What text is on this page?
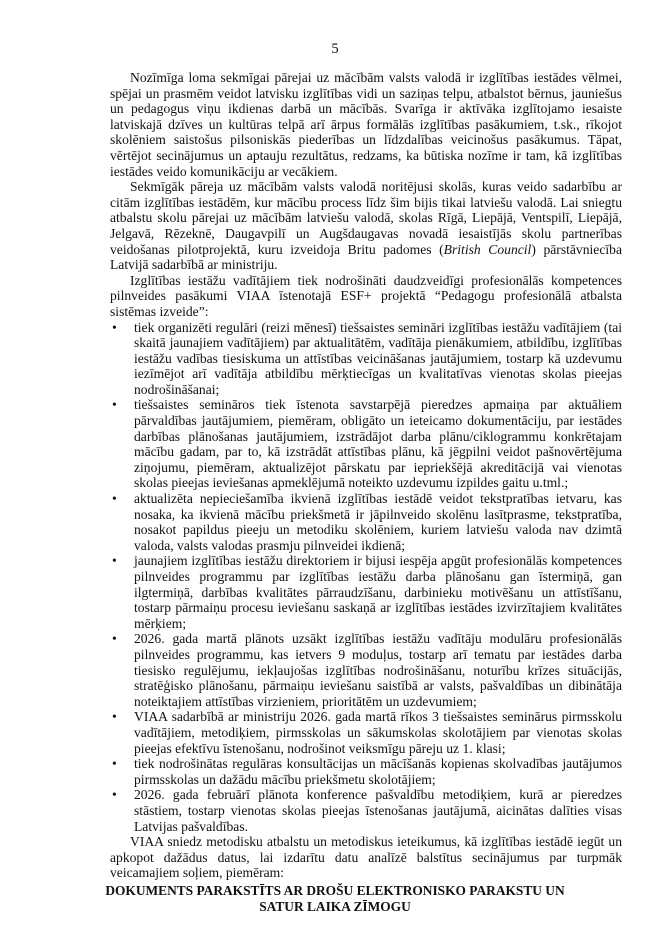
5

Nozīmīga loma sekmīgai pārejai uz mācībām valsts valodā ir izglītības iestādes vēlmei, spējai un prasmēm veidot latvisku izglītības vidi un saziņas telpu, atbalstot bērnus, jauniešus un pedagogus viņu ikdienas darbā un mācībās. Svarīga ir aktīvāka izglītojamo iesaiste latviskajā dzīves un kultūras telpā arī ārpus formālās izglītības pasākumiem, t.sk., rīkojot skolēniem saistošus pilsoniskās piederības un līdzdalības veicinošus pasākumus. Tāpat, vērtējot secinājumus un aptauju rezultātus, redzams, ka būtiska nozīme ir tam, kā izglītības iestādes veido komunikāciju ar vecākiem.

Sekmīgāk pāreja uz mācībām valsts valodā noritējusi skolās, kuras veido sadarbību ar citām izglītības iestādēm, kur mācību process līdz šim bijis tikai latviešu valodā. Lai sniegtu atbalstu skolu pārejai uz mācībām latviešu valodā, skolas Rīgā, Liepājā, Ventspilī, Liepājā, Jelgavā, Rēzeknē, Daugavpilī un Augšdaugavas novadā iesaistījās skolu partnerības veidošanas pilotprojektā, kuru izveidoja Britu padomes (British Council) pārstāvniecība Latvijā sadarbībā ar ministriju.

Izglītības iestāžu vadītājiem tiek nodrošināti daudzveidīgi profesionālās kompetences pilnveides pasākumi VIAA īstenotajā ESF+ projektā “Pedagogu profesionālā atbalsta sistēmas izveide”:

• tiek organizēti regulāri (reizi mēnesī) tiešsaistes semināri izglītības iestāžu vadītājiem (tai skaitā jaunajiem vadītājiem) par aktualitātēm, vadītāja pienākumiem, atbildību, izglītības iestāžu vadības tiesiskuma un attīstības veicināšanas jautājumiem, tostarp kā uzdevumu iezīmējot arī vadītāja atbildību mērķtiecīgas un kvalitatīvas vienotas skolas pieejas nodrošināšanai;
• tiešsaistes semināros tiek īstenota savstarpējā pieredzes apmaiņa par aktuāliem pārvaldības jautājumiem, piemēram, obligāto un ieteicamo dokumentāciju, par iestādes darbības plānošanas jautājumiem, izstrādājot darba plānu/ciklogrammu konkrētajam mācību gadam, par to, kā izstrādāt attīstības plānu, kā jēgpilni veidot pašnovērtējuma ziņojumu, piemēram, aktualizējot pārskatu par iepriekšējā akreditācijā vai vienotas skolas pieejas ieviešanas apmeklējumā noteikto uzdevumu izpildes gaitu u.tml.;
• aktualizēta nepieciešamība ikvienā izglītības iestādē veidot tekstpratības ietvaru, kas nosaka, ka ikvienā mācību priekšmetā ir jāpilnveido skolēnu lasītprasme, tekstpratība, nosakot papildus pieeju un metodiku skolēniem, kuriem latviešu valoda nav dzimtā valoda, valsts valodas prasmju pilnveidei ikdienā;
• jaunajiem izglītības iestāžu direktoriem ir bijusi iespēja apgūt profesionālās kompetences pilnveides programmu par izglītības iestāžu darba plānošanu gan īstermiņā, gan ilgtermiņā, darbības kvalitātes pārraudzīšanu, darbinieku motivēšanu un attīstīšanu, tostarp pārmaiņu procesu ieviešanu saskaņā ar izglītības iestādes izvirzītajiem kvalitātes mērķiem;
• 2026. gada martā plānots uzsākt izglītības iestāžu vadītāju modulāru profesionālās pilnveides programmu, kas ietvers 9 moduļus, tostarp arī tematu par iestādes darba tiesisko regulējumu, iekļaujošas izglītības nodrošināšanu, noturību krīzes situācijās, stratēģisko plānošanu, pārmaiņu ieviešanu saistībā ar valsts, pašvaldības un dibinātāja noteiktajiem attīstības virzieniem, prioritātēm un uzdevumiem;
• VIAA sadarbībā ar ministriju 2026. gada martā rīkos 3 tiešsaistes seminārus pirmsskolu vadītājiem, metodiķiem, pirmsskolas un sākumskolas skolotājiem par vienotas skolas pieejas efektīvu īstenošanu, nodrošinot veiksmīgu pāreju uz 1. klasi;
• tiek nodrošinātas regulāras konsultācijas un mācīšanās kopienas skolvadības jautājumos pirmsskolas un dažādu mācību priekšmetu skolotājiem;
• 2026. gada februārī plānota konference pašvaldību metodiķiem, kurā ar pieredzes stāstiem, tostarp vienotas skolas pieejas īstenošanas jautājumā, aicinātas dalīties visas Latvijas pašvaldības.

VIAA sniedz metodisku atbalstu un metodiskus ieteikumus, kā izglītības iestādē iegūt un apkopot dažādus datus, lai izdarītu datu analīzē balstītus secinājumus par turpmāk veicamajiem soļiem, piemēram:

DOKUMENTS PARAKSTĪTS AR DROŠU ELEKTRONISKO PARAKSTU UN
SATUR LAIKA ZĪMOGU
